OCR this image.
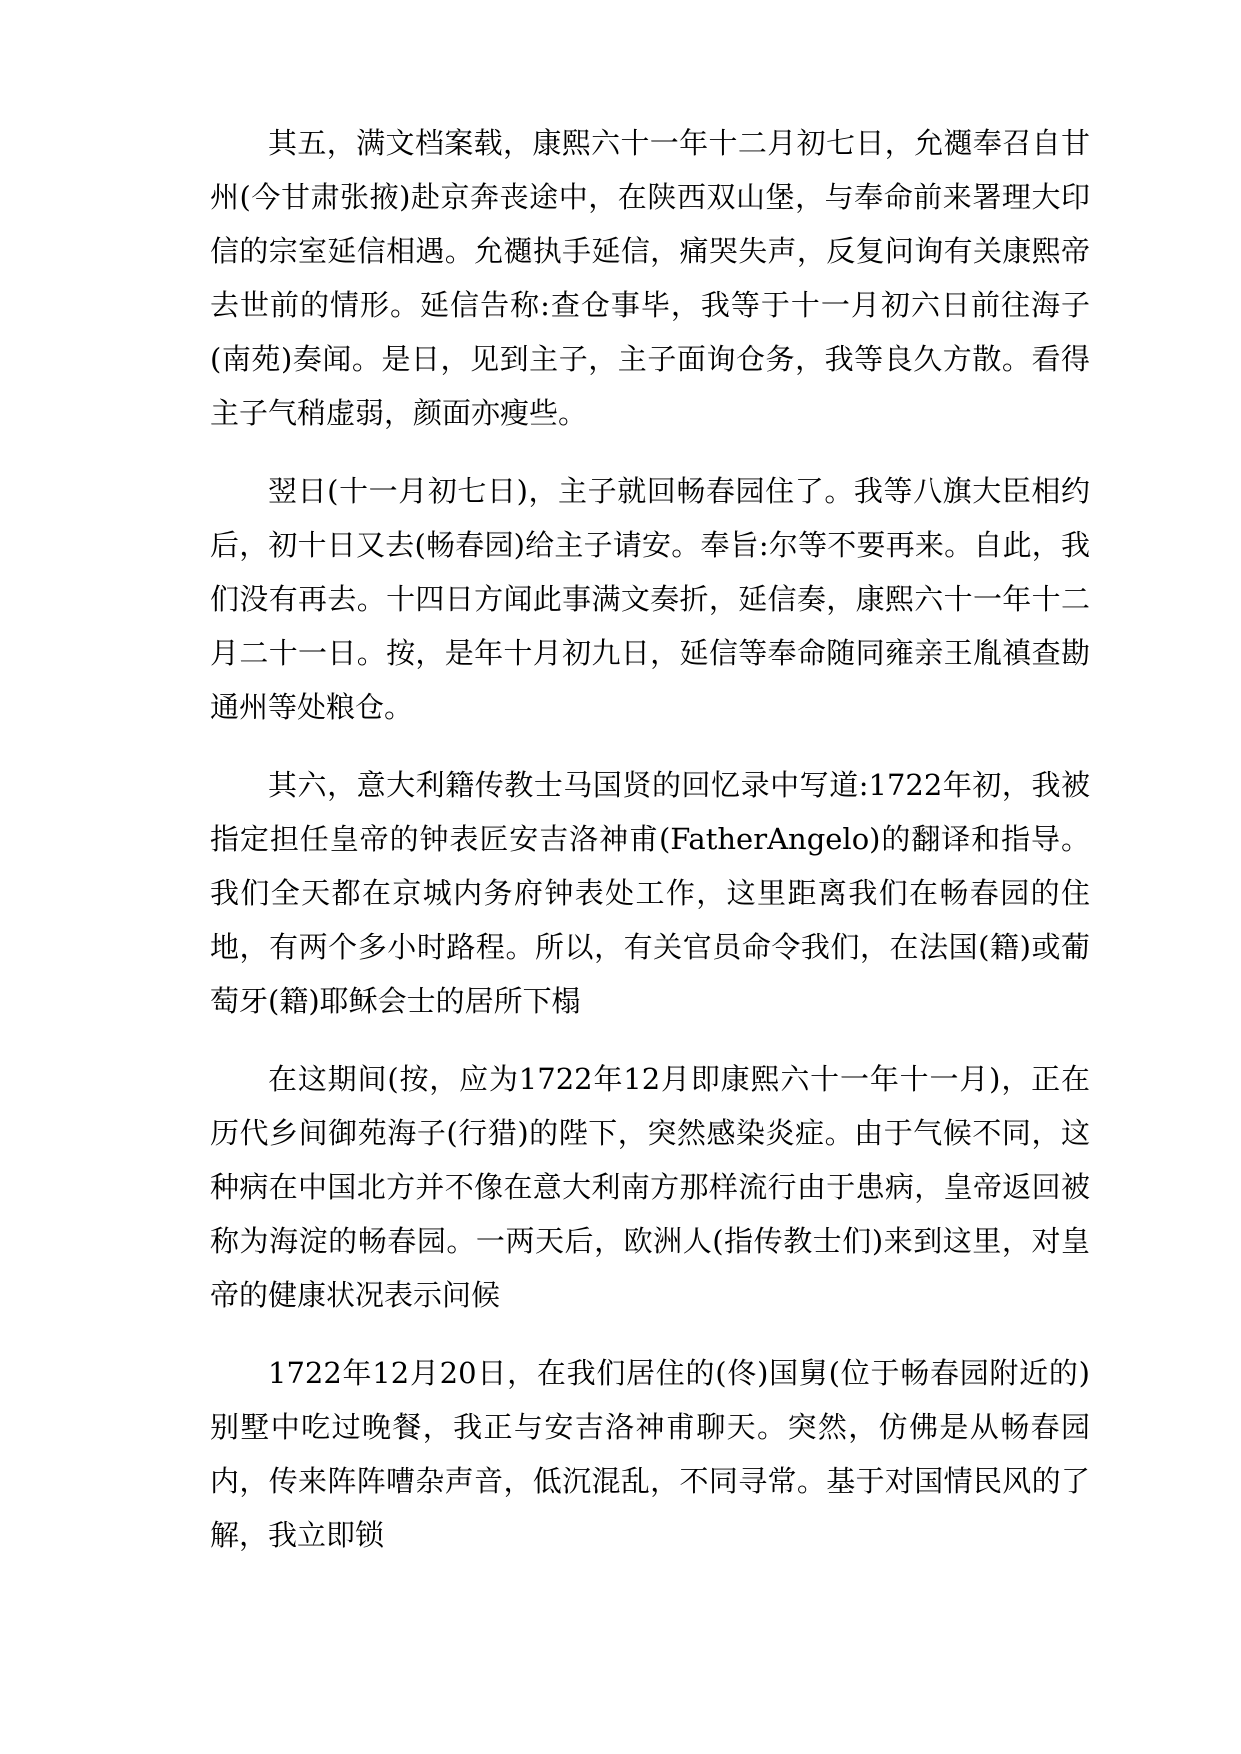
其五，满文档案载，康熙六十一年十二月初七日，允禵奉召自甘州(今甘肃张掖)赴京奔丧途中，在陕西双山堡，与奉命前来署理大印信的宗室延信相遇。允禵执手延信，痛哭失声，反复问询有关康熙帝去世前的情形。延信告称:查仓事毕，我等于十一月初六日前往海子(南苑)奏闻。是日，见到主子，主子面询仓务，我等良久方散。看得主子气稍虚弱，颜面亦瘦些。

翌日(十一月初七日)，主子就回畅春园住了。我等八旗大臣相约后，初十日又去(畅春园)给主子请安。奉旨:尔等不要再来。自此，我们没有再去。十四日方闻此事满文奏折，延信奏，康熙六十一年十二月二十一日。按，是年十月初九日，延信等奉命随同雍亲王胤禛查勘通州等处粮仓。

其六，意大利籍传教士马国贤的回忆录中写道:1722年初，我被指定担任皇帝的钟表匠安吉洛神甫(FatherAngelo)的翻译和指导。我们全天都在京城内务府钟表处工作，这里距离我们在畅春园的住地，有两个多小时路程。所以，有关官员命令我们，在法国(籍)或葡萄牙(籍)耶稣会士的居所下榻

在这期间(按，应为1722年12月即康熙六十一年十一月)，正在历代乡间御苑海子(行猎)的陛下，突然感染炎症。由于气候不同，这种病在中国北方并不像在意大利南方那样流行由于患病，皇帝返回被称为海淀的畅春园。一两天后，欧洲人(指传教士们)来到这里，对皇帝的健康状况表示问候

1722年12月20日，在我们居住的(佟)国舅(位于畅春园附近的)别墅中吃过晚餐，我正与安吉洛神甫聊天。突然，仿佛是从畅春园内，传来阵阵嘈杂声音，低沉混乱，不同寻常。基于对国情民风的了解，我立即锁
